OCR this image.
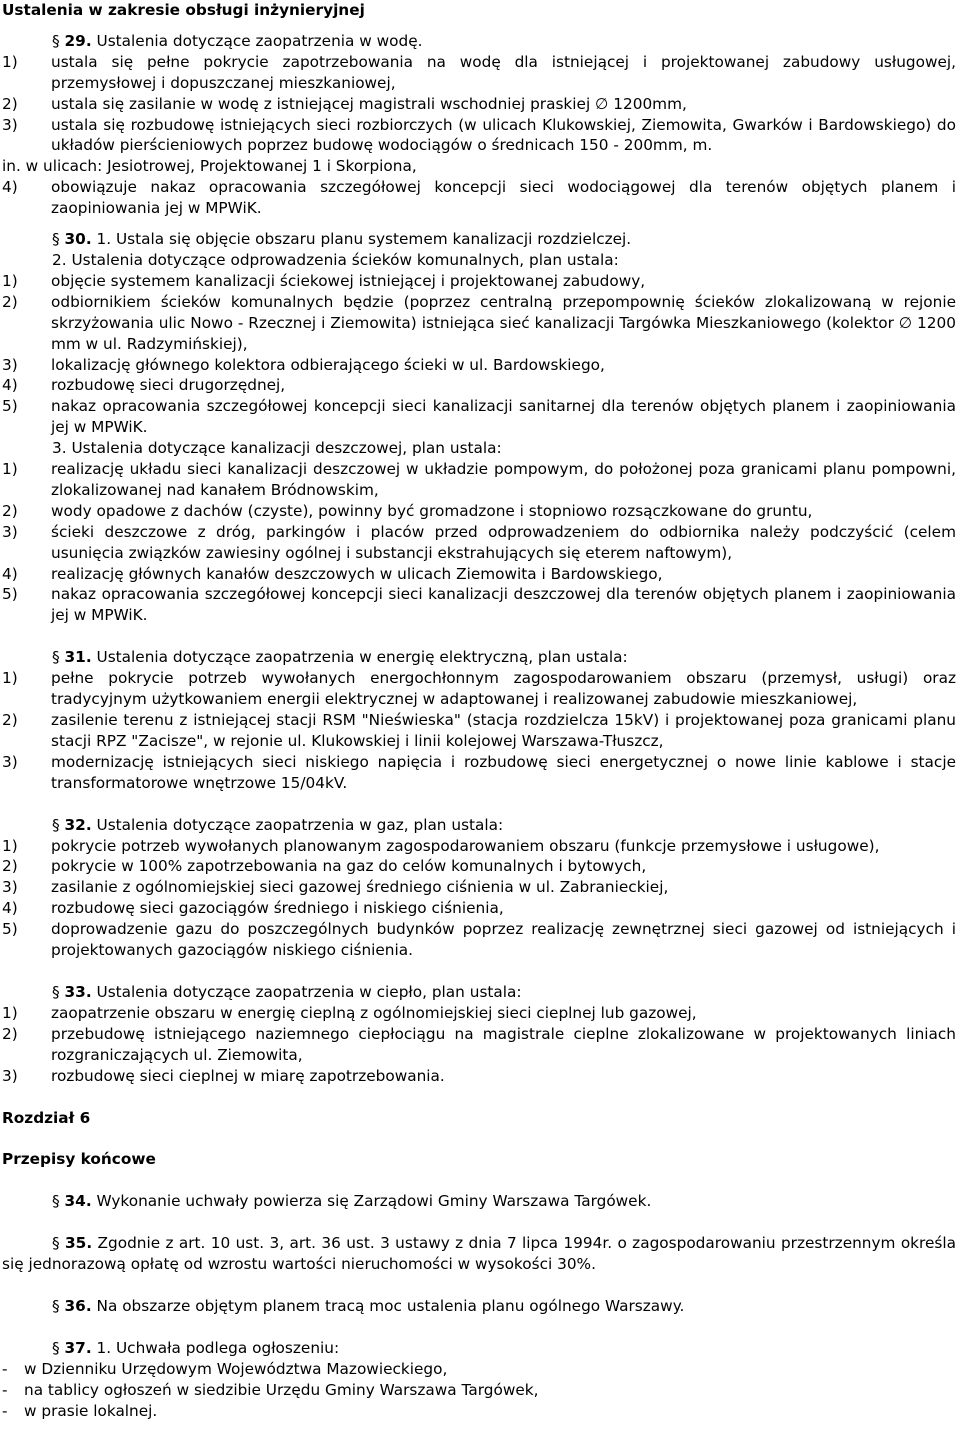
Ustalenia w zakresie obsługi inżynieryjnej
§ 29. Ustalenia dotyczące zaopatrzenia w wodę.
1)	ustala się pełne pokrycie zapotrzebowania na wodę dla istniejącej i projektowanej zabudowy usługowej, przemysłowej i dopuszczanej mieszkaniowej,
2)	ustala się zasilanie w wodę z istniejącej magistrali wschodniej praskiej ∅ 1200mm,
3)	ustala się rozbudowę istniejących sieci rozbiorczych (w ulicach Klukowskiej, Ziemowita, Gwarków i Bardowskiego) do układów pierścieniowych poprzez budowę wodociągów o średnicach 150 - 200mm, m.
in. w ulicach: Jesiotrowej, Projektowanej 1 i Skorpiona,
4)	obowiązuje nakaz opracowania szczegółowej koncepcji sieci wodociągowej dla terenów objętych planem i zaopiniowania jej w MPWiK.
§ 30. 1. Ustala się objęcie obszaru planu systemem kanalizacji rozdzielczej.
2. Ustalenia dotyczące odprowadzenia ścieków komunalnych, plan ustala:
1)	objęcie systemem kanalizacji ściekowej istniejącej i projektowanej zabudowy,
2)	odbiornikiem ścieków komunalnych będzie (poprzez centralną przepompownię ścieków zlokalizowaną w rejonie skrzyżowania ulic Nowo - Rzecznej i Ziemowita) istniejąca sieć kanalizacji Targówka Mieszkaniowego (kolektor ∅ 1200 mm w ul. Radzymińskiej),
3)	lokalizację głównego kolektora odbierającego ścieki w ul. Bardowskiego,
4)	rozbudowę sieci drugorzędnej,
5)	nakaz opracowania szczegółowej koncepcji sieci kanalizacji sanitarnej dla terenów objętych planem i zaopiniowania jej w MPWiK.
3. Ustalenia dotyczące kanalizacji deszczowej, plan ustala:
1)	realizację układu sieci kanalizacji deszczowej w układzie pompowym, do położonej poza granicami planu pompowni, zlokalizowanej nad kanałem Bródnowskim,
2)	wody opadowe z dachów (czyste), powinny być gromadzone i stopniowo rozsączkowane do gruntu,
3)	ścieki deszczowe z dróg, parkingów i placów przed odprowadzeniem do odbiornika należy podczyścić (celem usunięcia związków zawiesiny ogólnej i substancji ekstrahujących się eterem naftowym),
4)	realizację głównych kanałów deszczowych w ulicach Ziemowita i Bardowskiego,
5)	nakaz opracowania szczegółowej koncepcji sieci kanalizacji deszczowej dla terenów objętych planem i zaopiniowania jej w MPWiK.
§ 31. Ustalenia dotyczące zaopatrzenia w energię elektryczną, plan ustala:
1)	pełne pokrycie potrzeb wywołanych energochłonnym zagospodarowaniem obszaru (przemysł, usługi) oraz tradycyjnym użytkowaniem energii elektrycznej w adaptowanej i realizowanej zabudowie mieszkaniowej,
2)	zasilenie terenu z istniejącej stacji RSM "Nieświeska" (stacja rozdzielcza 15kV) i projektowanej poza granicami planu stacji RPZ "Zacisze", w rejonie ul. Klukowskiej i linii kolejowej Warszawa-Tłuszcz,
3)	modernizację istniejących sieci niskiego napięcia i rozbudowę sieci energetycznej o nowe linie kablowe i stacje transformatorowe wnętrzowe 15/04kV.
§ 32. Ustalenia dotyczące zaopatrzenia w gaz, plan ustala:
1)	pokrycie potrzeb wywołanych planowanym zagospodarowaniem obszaru (funkcje przemysłowe i usługowe),
2)	pokrycie w 100% zapotrzebowania na gaz do celów komunalnych i bytowych,
3)	zasilanie z ogólnomiejskiej sieci gazowej średniego ciśnienia w ul. Zabranieckiej,
4)	rozbudowę sieci gazociągów średniego i niskiego ciśnienia,
5)	doprowadzenie gazu do poszczególnych budynków poprzez realizację zewnętrznej sieci gazowej od istniejących i projektowanych gazociągów niskiego ciśnienia.
§ 33. Ustalenia dotyczące zaopatrzenia w ciepło, plan ustala:
1)	zaopatrzenie obszaru w energię cieplną z ogólnomiejskiej sieci cieplnej lub gazowej,
2)	przebudowę istniejącego naziemnego ciepłociągu na magistrale cieplne zlokalizowane w projektowanych liniach rozgraniczających ul. Ziemowita,
3)	rozbudowę sieci cieplnej w miarę zapotrzebowania.
Rozdział 6
Przepisy końcowe
§ 34. Wykonanie uchwały powierza się Zarządowi Gminy Warszawa Targówek.
§ 35. Zgodnie z art. 10 ust. 3, art. 36 ust. 3 ustawy z dnia 7 lipca 1994r. o zagospodarowaniu przestrzennym określa się jednorazową opłatę od wzrostu wartości nieruchomości w wysokości 30%.
§ 36. Na obszarze objętym planem tracą moc ustalenia planu ogólnego Warszawy.
§ 37. 1. Uchwała podlega ogłoszeniu:
-	w Dzienniku Urzędowym Województwa Mazowieckiego,
-	na tablicy ogłoszeń w siedzibie Urzędu Gminy Warszawa Targówek,
-	w prasie lokalnej.
